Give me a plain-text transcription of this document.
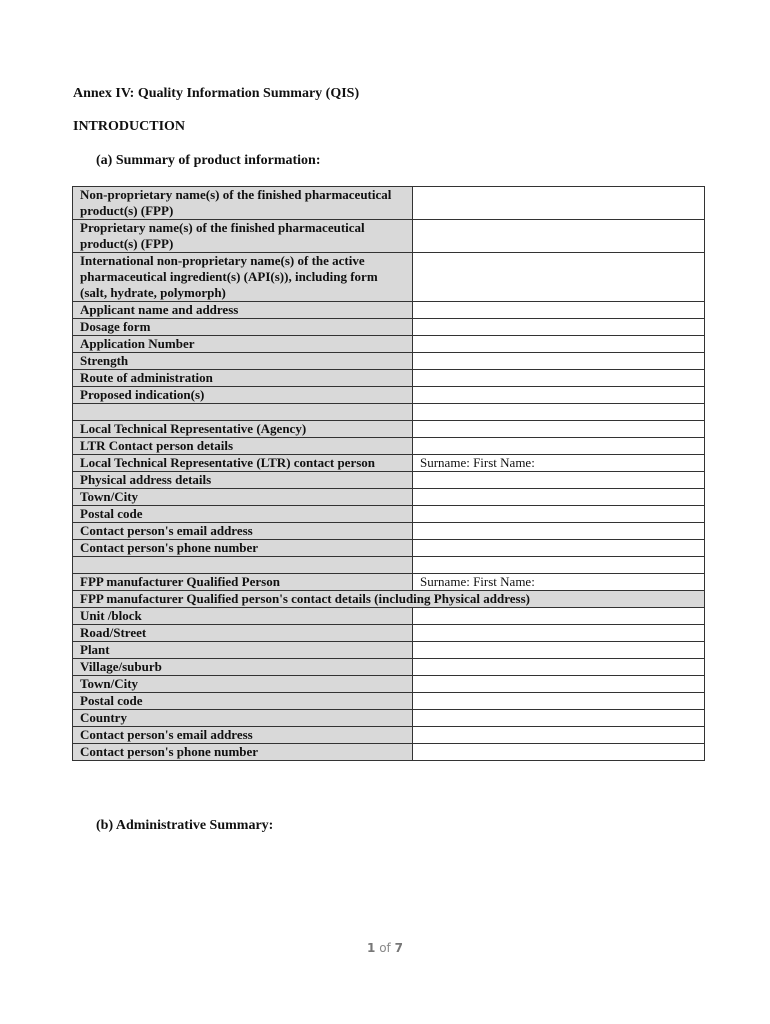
Annex IV: Quality Information Summary (QIS)
INTRODUCTION
(a) Summary of product information:
Non-proprietary name(s) of the finished pharmaceutical product(s) (FPP)	
Proprietary name(s) of the finished pharmaceutical product(s) (FPP)	
International non-proprietary name(s) of the active pharmaceutical ingredient(s) (API(s)), including form (salt, hydrate, polymorph)	
Applicant name and address	
Dosage form	
Application Number	
Strength	
Route of administration	
Proposed indication(s)	

Local Technical Representative (Agency)	
LTR Contact person details	
Local Technical Representative (LTR) contact person	Surname: First Name:
Physical address details	
Town/City	
Postal code	
Contact person's email address	
Contact person's phone number	

FPP manufacturer Qualified Person	Surname: First Name:
FPP manufacturer Qualified person's contact details (including Physical address)	
Unit /block	
Road/Street	
Plant	
Village/suburb	
Town/City	
Postal code	
Country	
Contact person's email address	
Contact person's phone number	
(b) Administrative Summary:
1 of 7
